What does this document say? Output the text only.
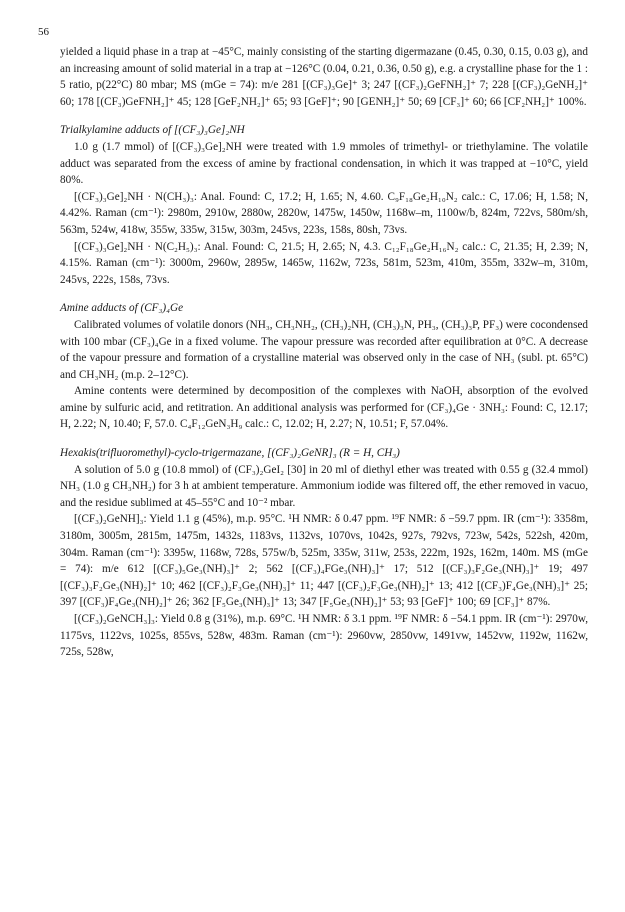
56

yielded a liquid phase in a trap at −45°C, mainly consisting of the starting digermazane (0.45, 0.30, 0.15, 0.03 g), and an increasing amount of solid material in a trap at −126°C (0.04, 0.21, 0.36, 0.50 g), e.g. a crystalline phase for the 1 : 5 ratio, p(22°C) 80 mbar; MS (mGe = 74): m/e 281 [(CF₃)₃Ge]⁺ 3; 247 [(CF₃)₂GeFNH₂]⁺ 7; 228 [(CF₃)₂GeNH₂]⁺ 60; 178 [(CF₃)GeFNH₂]⁺ 45; 128 [GeF₂NH₂]⁺ 65; 93 [GeF]⁺; 90 [GENH₂]⁺ 50; 69 [CF₃]⁺ 60; 66 [CF₂NH₂]⁺ 100%.

Trialkylamine adducts of [(CF₃)₃Ge]₂NH

1.0 g (1.7 mmol) of [(CF₃)₃Ge]₂NH were treated with 1.9 mmoles of trimethyl- or triethylamine. The volatile adduct was separated from the excess of amine by fractional condensation, in which it was trapped at −10°C, yield 80%.

[(CF₃)₃Ge]₂NH · N(CH₃)₃: Anal. Found: C, 17.2; H, 1.65; N, 4.60. C₉F₁₈Ge₂H₁₀N₂ calc.: C, 17.06; H, 1.58; N, 4.42%. Raman (cm⁻¹): 2980m, 2910w, 2880w, 2820w, 1475w, 1450w, 1168w–m, 1100w/b, 824m, 722vs, 580m/sh, 563m, 524w, 418w, 355w, 335w, 315w, 303m, 245vs, 223s, 158s, 80sh, 73vs.

[(CF₃)₃Ge]₂NH · N(C₂H₅)₃: Anal. Found: C, 21.5; H, 2.65; N, 4.3. C₁₂F₁₈Ge₂H₁₆N₂ calc.: C, 21.35; H, 2.39; N, 4.15%. Raman (cm⁻¹): 3000m, 2960w, 2895w, 1465w, 1162w, 723s, 581m, 523m, 410m, 355m, 332w–m, 310m, 245vs, 222s, 158s, 73vs.

Amine adducts of (CF₃)₄Ge

Calibrated volumes of volatile donors (NH₃, CH₃NH₂, (CH₃)₂NH, (CH₃)₃N, PH₃, (CH₃)₃P, PF₃) were cocondensed with 100 mbar (CF₃)₄Ge in a fixed volume. The vapour pressure was recorded after equilibration at 0°C. A decrease of the vapour pressure and formation of a crystalline material was observed only in the case of NH₃ (subl. pt. 65°C) and CH₃NH₂ (m.p. 2–12°C).

Amine contents were determined by decomposition of the complexes with NaOH, absorption of the evolved amine by sulfuric acid, and retitration. An additional analysis was performed for (CF₃)₄Ge · 3NH₃: Found: C, 12.17; H, 2.22; N, 10.40; F, 57.0. C₄F₁₂GeN₃H₉ calc.: C, 12.02; H, 2.27; N, 10.51; F, 57.04%.

Hexakis(trifluoromethyl)-cyclo-trigermazane, [(CF₃)₂GeNR]₃ (R = H, CH₃)

A solution of 5.0 g (10.8 mmol) of (CF₃)₂GeI₂ [30] in 20 ml of diethyl ether was treated with 0.55 g (32.4 mmol) NH₃ (1.0 g CH₃NH₂) for 3 h at ambient temperature. Ammonium iodide was filtered off, the ether removed in vacuo, and the residue sublimed at 45–55°C and 10⁻² mbar.

[(CF₃)₂GeNH]₃: Yield 1.1 g (45%), m.p. 95°C. ¹H NMR: δ 0.47 ppm. ¹⁹F NMR: δ −59.7 ppm. IR (cm⁻¹): 3358m, 3180m, 3005m, 2815m, 1475m, 1432s, 1183vs, 1132vs, 1070vs, 1042s, 927s, 792vs, 723w, 542s, 522sh, 420m, 304m. Raman (cm⁻¹): 3395w, 1168w, 728s, 575w/b, 525m, 335w, 311w, 253s, 222m, 192s, 162m, 140m. MS (mGe = 74): m/e 612 [(CF₃)₅Ge₃(NH)₃]⁺ 2; 562 [(CF₃)₄FGe₃(NH)₃]⁺ 17; 512 [(CF₃)₃F₂Ge₃(NH)₃]⁺ 19; 497 [(CF₃)₃F₂Ge₃(NH)₂]⁺ 10; 462 [(CF₃)₂F₃Ge₃(NH)₃]⁺ 11; 447 [(CF₃)₂F₃Ge₃(NH)₂]⁺ 13; 412 [(CF₃)F₄Ge₃(NH)₃]⁺ 25; 397 [(CF₃)F₄Ge₃(NH)₂]⁺ 26; 362 [F₅Ge₃(NH)₃]⁺ 13; 347 [F₅Ge₃(NH)₂]⁺ 53; 93 [GeF]⁺ 100; 69 [CF₃]⁺ 87%.

[(CF₃)₂GeNCH₃]₃: Yield 0.8 g (31%), m.p. 69°C. ¹H NMR: δ 3.1 ppm. ¹⁹F NMR: δ −54.1 ppm. IR (cm⁻¹): 2970w, 1175vs, 1122vs, 1025s, 855vs, 528w, 483m. Raman (cm⁻¹): 2960vw, 2850vw, 1491vw, 1452vw, 1192w, 1162w, 725s, 528w,
